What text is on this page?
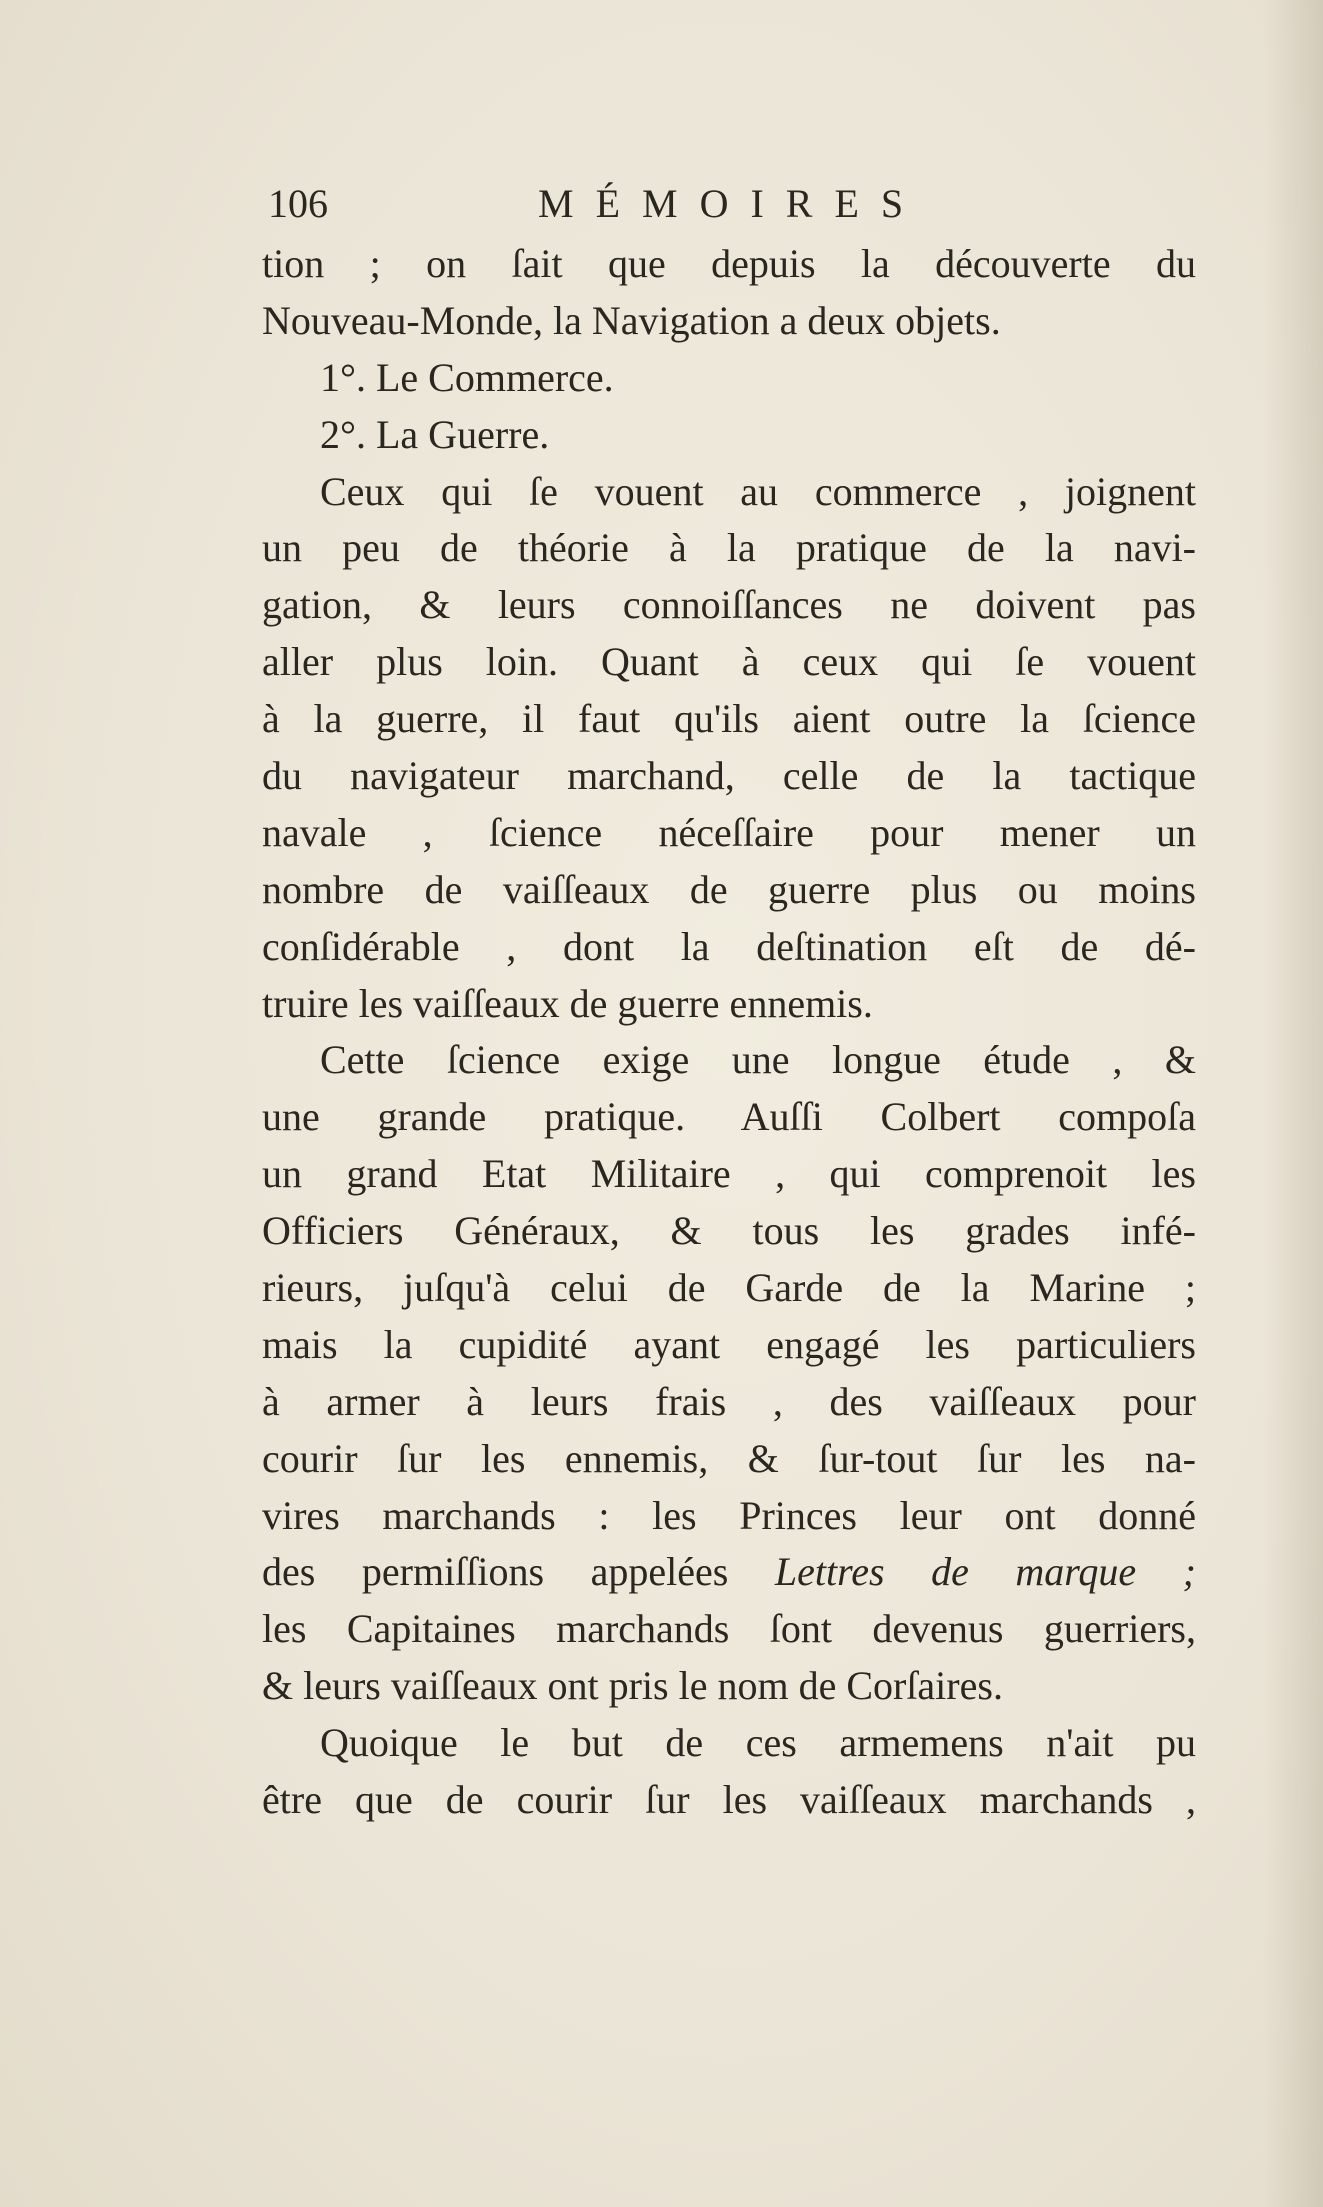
106	MÉMOIRES
tion ; on ſait que depuis la découverte du
Nouveau-Monde, la Navigation a deux objets.
1°. Le Commerce.
2°. La Guerre.
Ceux qui ſe vouent au commerce , joignent
un peu de théorie à la pratique de la navi-
gation, & leurs connoiſſances ne doivent pas
aller plus loin. Quant à ceux qui ſe vouent
à la guerre, il faut qu'ils aient outre la ſcience
du navigateur marchand, celle de la tactique
navale , ſcience néceſſaire pour mener un
nombre de vaiſſeaux de guerre plus ou moins
conſidérable , dont la deſtination eſt de dé-
truire les vaiſſeaux de guerre ennemis.
Cette ſcience exige une longue étude , &
une grande pratique. Auſſi Colbert compoſa
un grand Etat Militaire , qui comprenoit les
Officiers Généraux, & tous les grades infé-
rieurs, juſqu'à celui de Garde de la Marine ;
mais la cupidité ayant engagé les particuliers
à armer à leurs frais , des vaiſſeaux pour
courir ſur les ennemis, & ſur-tout ſur les na-
vires marchands : les Princes leur ont donné
des permiſſions appelées Lettres de marque ;
les Capitaines marchands ſont devenus guerriers,
& leurs vaiſſeaux ont pris le nom de Corſaires.
Quoique le but de ces armemens n'ait pu
être que de courir ſur les vaiſſeaux marchands ,
